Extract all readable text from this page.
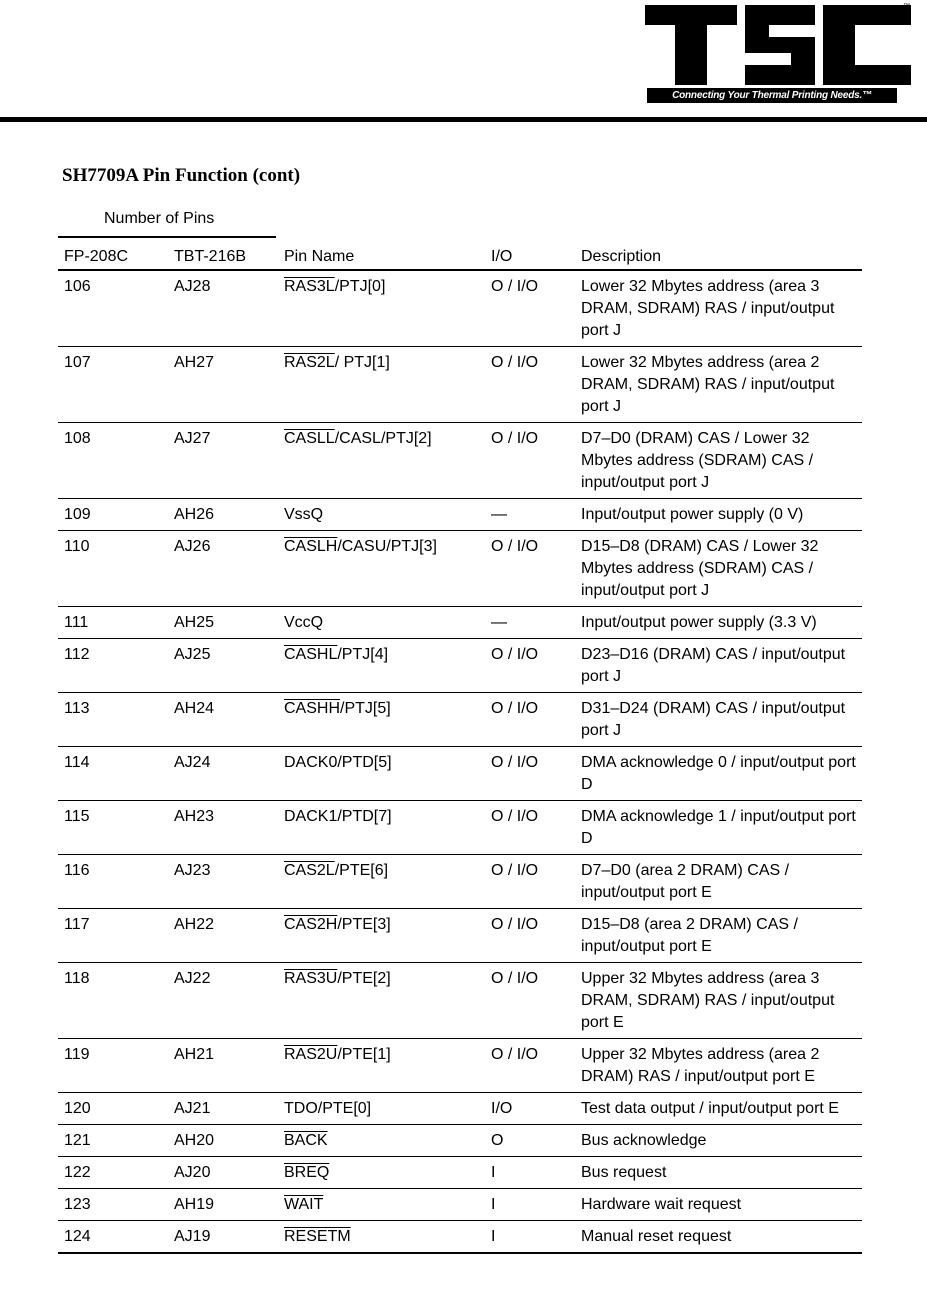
™
Connecting Your Thermal Printing Needs.™
SH7709A Pin Function (cont)
Number of Pins
FP-208C	TBT-216B	Pin Name	I/O	Description
106	AJ28	RAS3L/PTJ[0]	O / I/O	Lower 32 Mbytes address (area 3 DRAM, SDRAM) RAS / input/output port J
107	AH27	RAS2L/ PTJ[1]	O / I/O	Lower 32 Mbytes address (area 2 DRAM, SDRAM) RAS / input/output port J
108	AJ27	CASLL/CASL/PTJ[2]	O / I/O	D7–D0 (DRAM) CAS / Lower 32 Mbytes address (SDRAM) CAS / input/output port J
109	AH26	VssQ	—	Input/output power supply (0 V)
110	AJ26	CASLH/CASU/PTJ[3]	O / I/O	D15–D8 (DRAM) CAS / Lower 32 Mbytes address (SDRAM) CAS / input/output port J
111	AH25	VccQ	—	Input/output power supply (3.3 V)
112	AJ25	CASHL/PTJ[4]	O / I/O	D23–D16 (DRAM) CAS / input/output port J
113	AH24	CASHH/PTJ[5]	O / I/O	D31–D24 (DRAM) CAS / input/output port J
114	AJ24	DACK0/PTD[5]	O / I/O	DMA acknowledge 0 / input/output port D
115	AH23	DACK1/PTD[7]	O / I/O	DMA acknowledge 1 / input/output port D
116	AJ23	CAS2L/PTE[6]	O / I/O	D7–D0 (area 2 DRAM) CAS / input/output port E
117	AH22	CAS2H/PTE[3]	O / I/O	D15–D8 (area 2 DRAM) CAS / input/output port E
118	AJ22	RAS3U/PTE[2]	O / I/O	Upper 32 Mbytes address (area 3 DRAM, SDRAM) RAS / input/output port E
119	AH21	RAS2U/PTE[1]	O / I/O	Upper 32 Mbytes address (area 2 DRAM) RAS / input/output port E
120	AJ21	TDO/PTE[0]	I/O	Test data output / input/output port E
121	AH20	BACK	O	Bus acknowledge
122	AJ20	BREQ	I	Bus request
123	AH19	WAIT	I	Hardware wait request
124	AJ19	RESETM	I	Manual reset request
